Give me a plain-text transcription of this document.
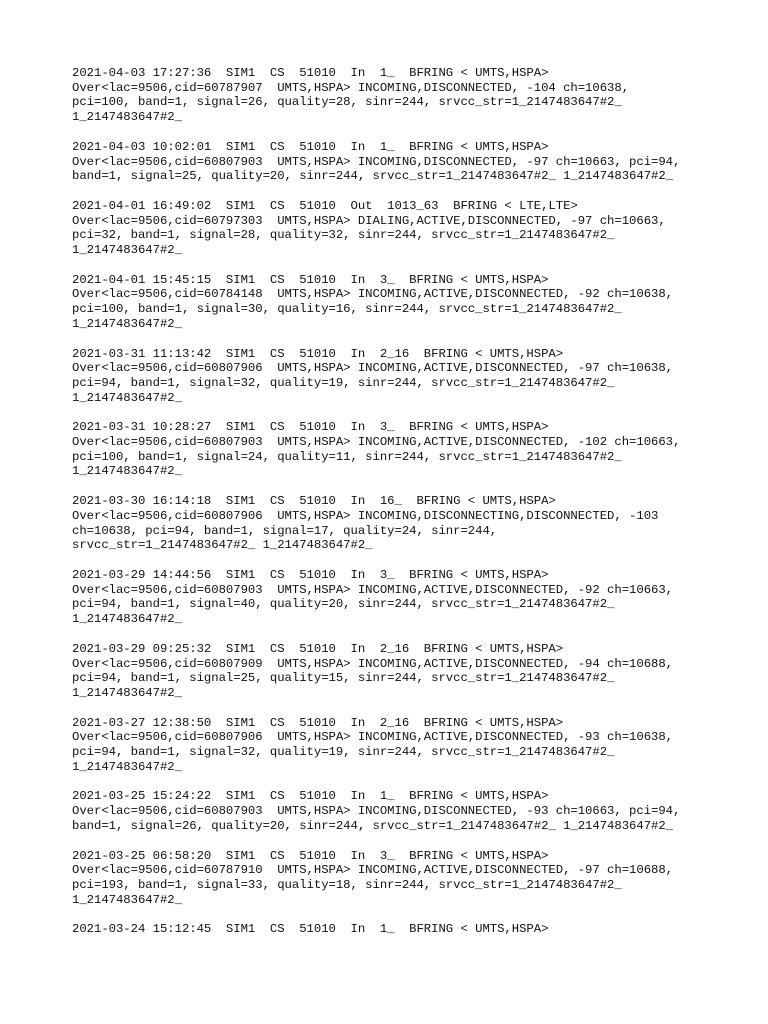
2021-04-03 17:27:36  SIM1  CS  51010  In  1_  BFRING < UMTS,HSPA>
Over<lac=9506,cid=60787907  UMTS,HSPA> INCOMING,DISCONNECTED, -104 ch=10638,
pci=100, band=1, signal=26, quality=28, sinr=244, srvcc_str=1_2147483647#2_
1_2147483647#2_
2021-04-03 10:02:01  SIM1  CS  51010  In  1_  BFRING < UMTS,HSPA>
Over<lac=9506,cid=60807903  UMTS,HSPA> INCOMING,DISCONNECTED, -97 ch=10663, pci=94,
band=1, signal=25, quality=20, sinr=244, srvcc_str=1_2147483647#2_ 1_2147483647#2_
2021-04-01 16:49:02  SIM1  CS  51010  Out  1013_63  BFRING < LTE,LTE>
Over<lac=9506,cid=60797303  UMTS,HSPA> DIALING,ACTIVE,DISCONNECTED, -97 ch=10663,
pci=32, band=1, signal=28, quality=32, sinr=244, srvcc_str=1_2147483647#2_
1_2147483647#2_
2021-04-01 15:45:15  SIM1  CS  51010  In  3_  BFRING < UMTS,HSPA>
Over<lac=9506,cid=60784148  UMTS,HSPA> INCOMING,ACTIVE,DISCONNECTED, -92 ch=10638,
pci=100, band=1, signal=30, quality=16, sinr=244, srvcc_str=1_2147483647#2_
1_2147483647#2_
2021-03-31 11:13:42  SIM1  CS  51010  In  2_16  BFRING < UMTS,HSPA>
Over<lac=9506,cid=60807906  UMTS,HSPA> INCOMING,ACTIVE,DISCONNECTED, -97 ch=10638,
pci=94, band=1, signal=32, quality=19, sinr=244, srvcc_str=1_2147483647#2_
1_2147483647#2_
2021-03-31 10:28:27  SIM1  CS  51010  In  3_  BFRING < UMTS,HSPA>
Over<lac=9506,cid=60807903  UMTS,HSPA> INCOMING,ACTIVE,DISCONNECTED, -102 ch=10663,
pci=100, band=1, signal=24, quality=11, sinr=244, srvcc_str=1_2147483647#2_
1_2147483647#2_
2021-03-30 16:14:18  SIM1  CS  51010  In  16_  BFRING < UMTS,HSPA>
Over<lac=9506,cid=60807906  UMTS,HSPA> INCOMING,DISCONNECTING,DISCONNECTED, -103
ch=10638, pci=94, band=1, signal=17, quality=24, sinr=244,
srvcc_str=1_2147483647#2_ 1_2147483647#2_
2021-03-29 14:44:56  SIM1  CS  51010  In  3_  BFRING < UMTS,HSPA>
Over<lac=9506,cid=60807903  UMTS,HSPA> INCOMING,ACTIVE,DISCONNECTED, -92 ch=10663,
pci=94, band=1, signal=40, quality=20, sinr=244, srvcc_str=1_2147483647#2_
1_2147483647#2_
2021-03-29 09:25:32  SIM1  CS  51010  In  2_16  BFRING < UMTS,HSPA>
Over<lac=9506,cid=60807909  UMTS,HSPA> INCOMING,ACTIVE,DISCONNECTED, -94 ch=10688,
pci=94, band=1, signal=25, quality=15, sinr=244, srvcc_str=1_2147483647#2_
1_2147483647#2_
2021-03-27 12:38:50  SIM1  CS  51010  In  2_16  BFRING < UMTS,HSPA>
Over<lac=9506,cid=60807906  UMTS,HSPA> INCOMING,ACTIVE,DISCONNECTED, -93 ch=10638,
pci=94, band=1, signal=32, quality=19, sinr=244, srvcc_str=1_2147483647#2_
1_2147483647#2_
2021-03-25 15:24:22  SIM1  CS  51010  In  1_  BFRING < UMTS,HSPA>
Over<lac=9506,cid=60807903  UMTS,HSPA> INCOMING,DISCONNECTED, -93 ch=10663, pci=94,
band=1, signal=26, quality=20, sinr=244, srvcc_str=1_2147483647#2_ 1_2147483647#2_
2021-03-25 06:58:20  SIM1  CS  51010  In  3_  BFRING < UMTS,HSPA>
Over<lac=9506,cid=60787910  UMTS,HSPA> INCOMING,ACTIVE,DISCONNECTED, -97 ch=10688,
pci=193, band=1, signal=33, quality=18, sinr=244, srvcc_str=1_2147483647#2_
1_2147483647#2_
2021-03-24 15:12:45  SIM1  CS  51010  In  1_  BFRING < UMTS,HSPA>
